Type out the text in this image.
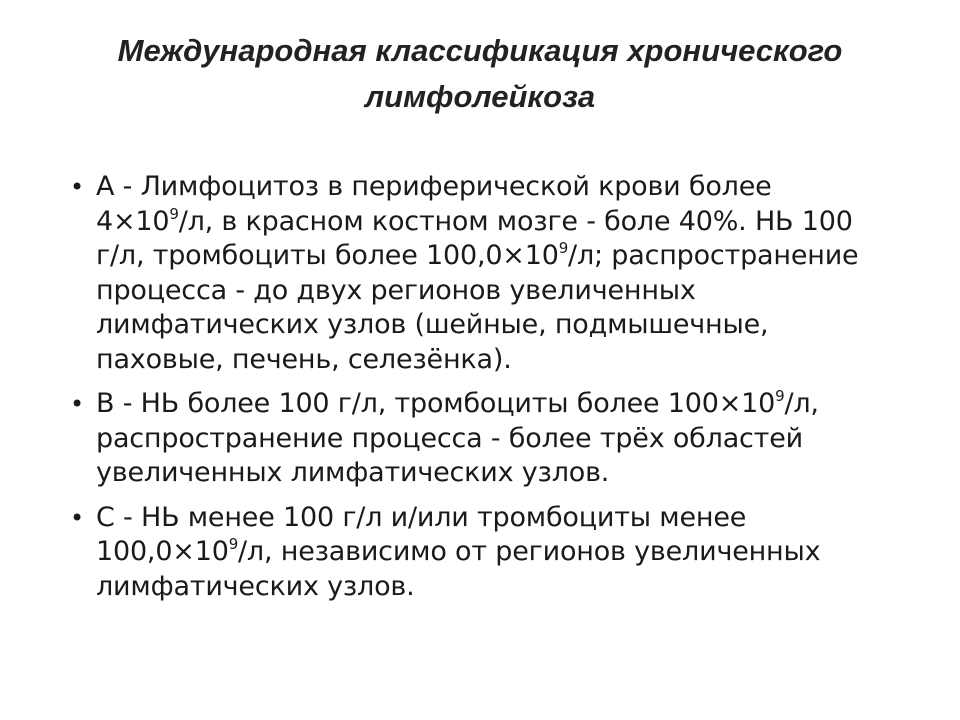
Международная классификация хронического
лимфолейкоза
• А - Лимфоцитоз в периферической крови более
$4\times 10^9/л$, в красном костном мозге - боле 40%. НЬ 100
г/л, тромбоциты более $100,0\times 10^9/л$; распространение
процесса - до двух регионов увеличенных
лимфатических узлов (шейные, подмышечные,
паховые, печень, селезёнка).
• В - НЬ более 100 г/л, тромбоциты более $100\times 10^9/л$,
распространение процесса - более трёх областей
увеличенных лимфатических узлов.
• С - НЬ менее 100 г/л и/или тромбоциты менее
$100,0\times 10^9/л$, независимо от регионов увеличенных
лимфатических узлов.
